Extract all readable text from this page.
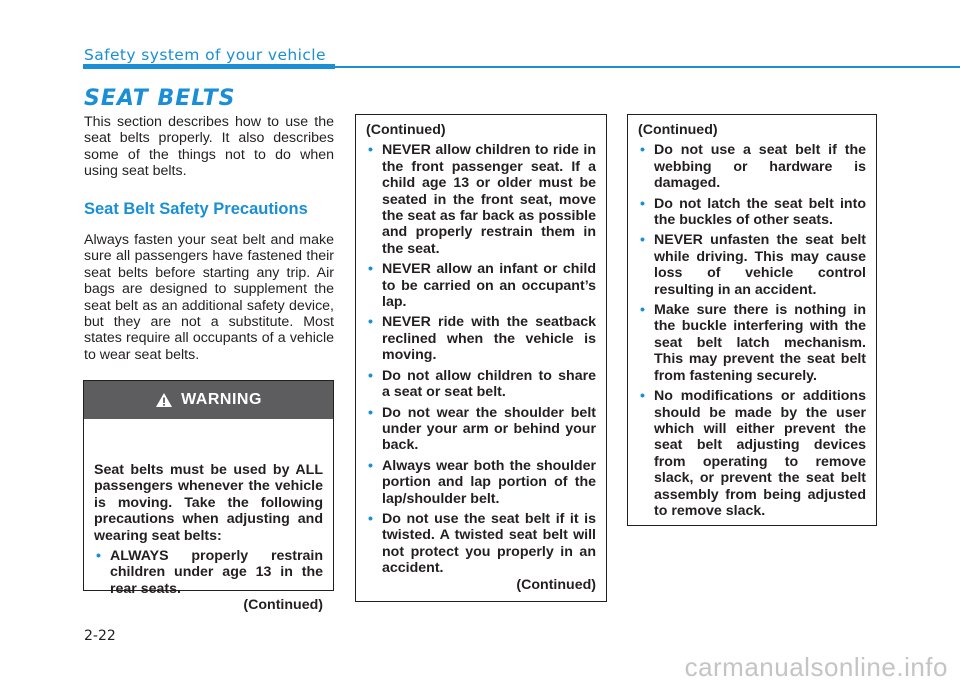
Safety system of your vehicle
SEAT BELTS
This section describes how to use the seat belts properly. It also describes some of the things not to do when using seat belts.
Seat Belt Safety Precautions
Always fasten your seat belt and make sure all passengers have fastened their seat belts before starting any trip. Air bags are designed to supplement the seat belt as an additional safety device, but they are not a substitute. Most states require all occupants of a vehicle to wear seat belts.
WARNING
Seat belts must be used by ALL passengers whenever the vehicle is moving. Take the following precautions when adjusting and wearing seat belts:
• ALWAYS properly restrain children under age 13 in the rear seats.
(Continued)
(Continued)
• NEVER allow children to ride in the front passenger seat. If a child age 13 or older must be seated in the front seat, move the seat as far back as possible and properly restrain them in the seat.
• NEVER allow an infant or child to be carried on an occupant’s lap.
• NEVER ride with the seatback reclined when the vehicle is moving.
• Do not allow children to share a seat or seat belt.
• Do not wear the shoulder belt under your arm or behind your back.
• Always wear both the shoulder portion and lap portion of the lap/shoulder belt.
• Do not use the seat belt if it is twisted. A twisted seat belt will not protect you properly in an accident.
(Continued)
(Continued)
• Do not use a seat belt if the webbing or hardware is damaged.
• Do not latch the seat belt into the buckles of other seats.
• NEVER unfasten the seat belt while driving. This may cause loss of vehicle control resulting in an accident.
• Make sure there is nothing in the buckle interfering with the seat belt latch mechanism. This may prevent the seat belt from fastening securely.
• No modifications or additions should be made by the user which will either prevent the seat belt adjusting devices from operating to remove slack, or prevent the seat belt assembly from being adjusted to remove slack.
2-22
carmanualsonline.info
